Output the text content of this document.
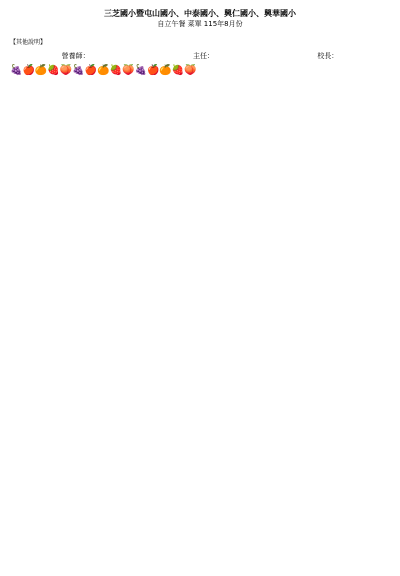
三芝國小暨屯山國小、中泰國小、興仁國小、興華國小
自立午餐 菜單 115年8月份
【其他說明】
營養師：	主任：	校長：
🍇🍎🍊🍓🍑🍇🍎🍊🍓🍑🍇🍎🍊🍓🍑
